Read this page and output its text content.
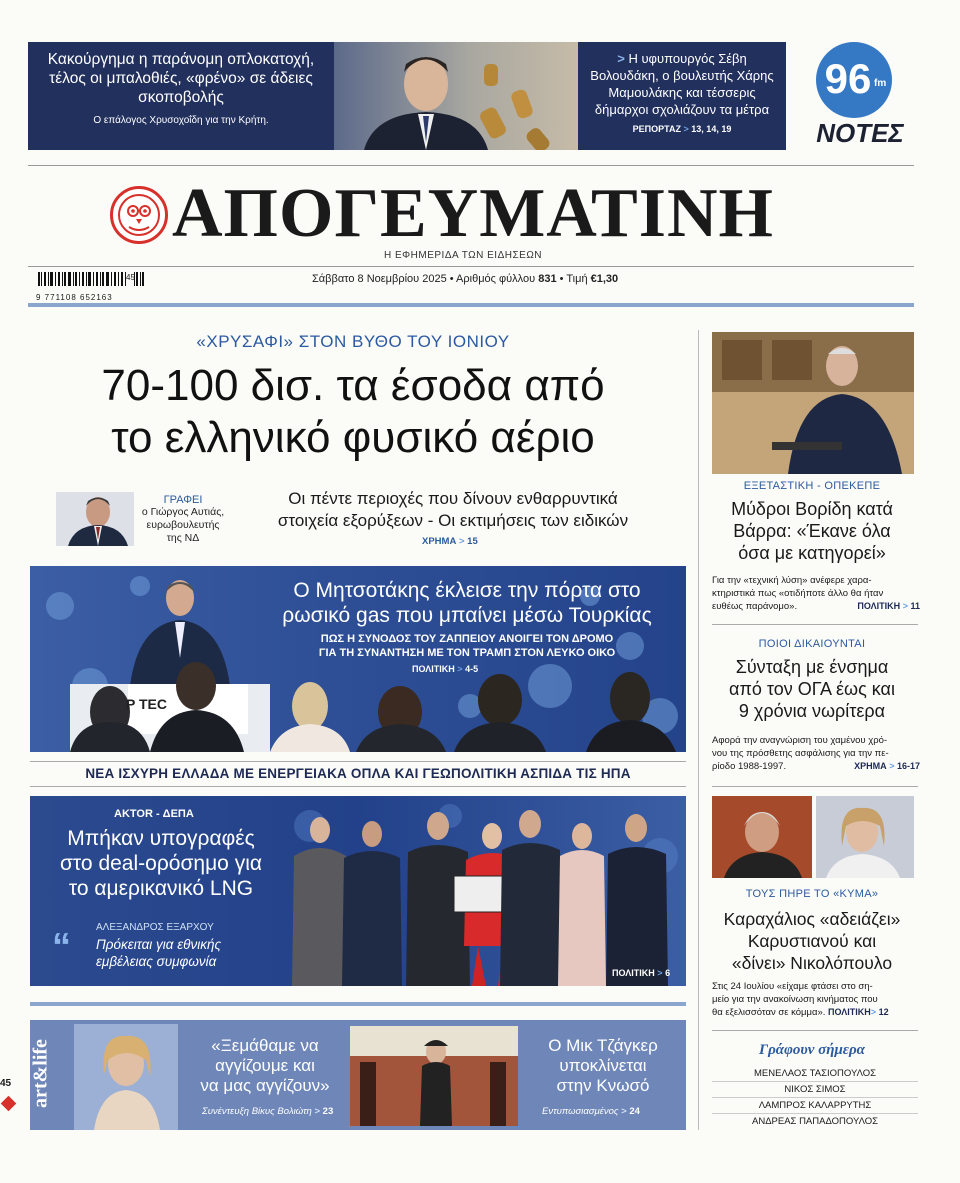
Κακούργημα η παράνομη οπλοκατοχή, τέλος οι μπαλοθιές, «φρένο» σε άδειες σκοποβολής
Ο επάλογος Χρυσοχοΐδη για την Κρήτη.
> Η υφυπουργός Σέβη Βολουδάκη, ο βουλευτής Χάρης Μαμουλάκης και τέσσερις δήμαρχοι σχολιάζουν τα μέτρα
ΡΕΠΟΡΤΑΖ > 13, 14, 19
96 fm
ΝΟΤΕΣ
ΑΠΟΓΕΥΜΑΤΙΝΗ
Η ΕΦΗΜΕΡΙΔΑ ΤΩΝ ΕΙΔΗΣΕΩΝ
9 771108 652163
45	Σάββατο 8 Νοεμβρίου 2025 • Αριθμός φύλλου 831 • Τιμή €1,30
«ΧΡΥΣΑΦΙ» ΣΤΟΝ ΒΥΘΟ ΤΟΥ ΙΟΝΙΟΥ
70-100 δισ. τα έσοδα από
το ελληνικό φυσικό αέριο
ΓΡΑΦΕΙ
ο Γιώργος Αυτιάς, ευρωβουλευτής της ΝΔ
Οι πέντε περιοχές που δίνουν ενθαρρυντικά
στοιχεία εξορύξεων - Οι εκτιμήσεις των ειδικών
ΧΡΗΜΑ > 15
P TEC
Ο Μητσοτάκης έκλεισε την πόρτα στο
ρωσικό gas που μπαίνει μέσω Τουρκίας
ΠΩΣ Η ΣΥΝΟΔΟΣ ΤΟΥ ΖΑΠΠΕΙΟΥ ΑΝΟΙΓΕΙ ΤΟΝ ΔΡΟΜΟ
ΓΙΑ ΤΗ ΣΥΝΑΝΤΗΣΗ ΜΕ ΤΟΝ ΤΡΑΜΠ ΣΤΟΝ ΛΕΥΚΟ ΟΙΚΟ
ΠΟΛΙΤΙΚΗ > 4-5
ΝΕΑ ΙΣΧΥΡΗ ΕΛΛΑΔΑ ΜΕ ΕΝΕΡΓΕΙΑΚΑ ΟΠΛΑ ΚΑΙ ΓΕΩΠΟΛΙΤΙΚΗ ΑΣΠΙΔΑ ΤΙΣ ΗΠΑ
AKTOR - ΔΕΠΑ
Μπήκαν υπογραφές
στο deal-ορόσημο για
το αμερικανικό LNG
ΑΛΕΞΑΝΔΡΟΣ ΕΞΑΡΧΟΥ
“ Πρόκειται για εθνικής
εμβέλειας συμφωνία
ΠΟΛΙΤΙΚΗ > 6
art&life	«Ξεμάθαμε να
αγγίζουμε και
να μας αγγίζουν»
Συνέντευξη Βίκυς Βολιώτη > 23
Ο Μικ Τζάγκερ
υποκλίνεται
στην Κνωσό
Εντυπωσιασμένος > 24
45
ΕΞΕΤΑΣΤΙΚΗ - ΟΠΕΚΕΠΕ
Μύδροι Βορίδη κατά
Βάρρα: «Έκανε όλα
όσα με κατηγορεί»
Για την «τεχνική λύση» ανέφερε χαρα-
κτηριστικά πως «οτιδήποτε άλλο θα ήταν
ευθέως παράνομο».	ΠΟΛΙΤΙΚΗ > 11
ΠΟΙΟΙ ΔΙΚΑΙΟΥΝΤΑΙ
Σύνταξη με ένσημα
από τον ΟΓΑ έως και
9 χρόνια νωρίτερα
Αφορά την αναγνώριση του χαμένου χρό-
νου της πρόσθετης ασφάλισης για την πε-
ρίοδο 1988-1997.	ΧΡΗΜΑ > 16-17
ΤΟΥΣ ΠΗΡΕ ΤΟ «ΚΥΜΑ»
Καραχάλιος «αδειάζει»
Καρυστιανού και
«δίνει» Νικολόπουλο
Στις 24 Ιουλίου «είχαμε φτάσει στο ση-
μείο για την ανακοίνωση κινήματος που
θα εξελισσόταν σε κόμμα». ΠΟΛΙΤΙΚΗ> 12
Γράφουν σήμερα
ΜΕΝΕΛΑΟΣ ΤΑΣΙΟΠΟΥΛΟΣ
ΝΙΚΟΣ ΣΙΜΟΣ
ΛΑΜΠΡΟΣ ΚΑΛΑΡΡΥΤΗΣ
ΑΝΔΡΕΑΣ ΠΑΠΑΔΟΠΟΥΛΟΣ
